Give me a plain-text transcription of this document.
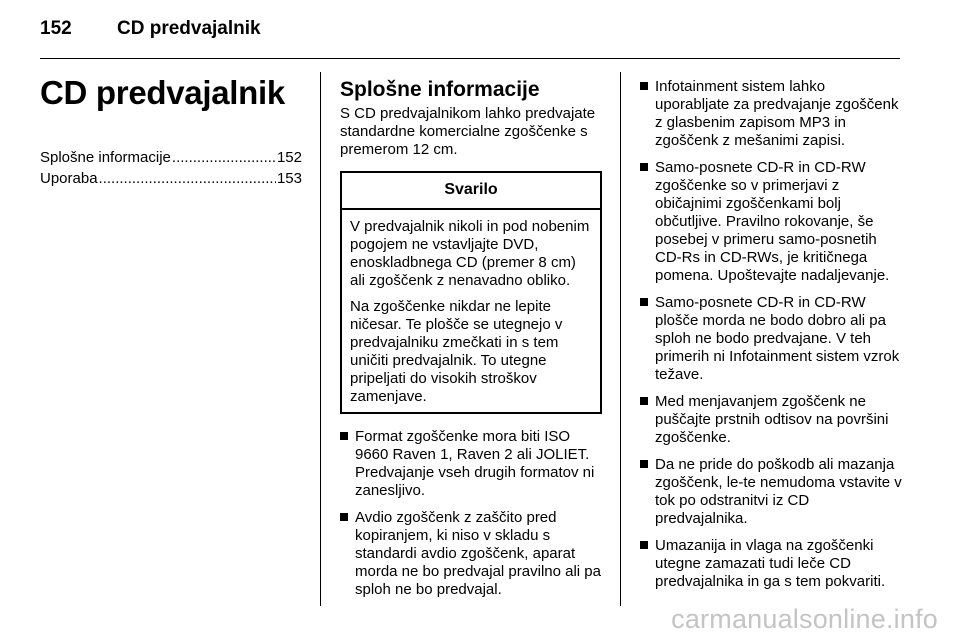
152 CD predvajalnik
CD predvajalnik
Splošne informacije .....	152
Uporaba .....	153
Splošne informacije

S CD predvajalnikom lahko predvajate standardne komercialne zgoščenke s premerom 12 cm.

Svarilo

V predvajalnik nikoli in pod nobenim pogojem ne vstavljajte DVD, enoskladbnega CD (premer 8 cm) ali zgoščenk z nenavadno obliko.

Na zgoščenke nikdar ne lepite ničesar. Te plošče se utegnejo v predvajalniku zmečkati in s tem uničiti predvajalnik. To utegne pripeljati do visokih stroškov zamenjave.

Format zgoščenke mora biti ISO 9660 Raven 1, Raven 2 ali JOLIET. Predvajanje vseh drugih formatov ni zanesljivo.
Avdio zgoščenk z zaščito pred kopiranjem, ki niso v skladu s standardi avdio zgoščenk, aparat morda ne bo predvajal pravilno ali pa sploh ne bo predvajal.
Infotainment sistem lahko uporabljate za predvajanje zgoščenk z glasbenim zapisom MP3 in zgoščenk z mešanimi zapisi.
Samo-posnete CD-R in CD-RW zgoščenke so v primerjavi z običajnimi zgoščenkami bolj občutljive. Pravilno rokovanje, še posebej v primeru samo-posnetih CD-Rs in CD-RWs, je kritičnega pomena. Upoštevajte nadaljevanje.
Samo-posnete CD-R in CD-RW plošče morda ne bodo dobro ali pa sploh ne bodo predvajane. V teh primerih ni Infotainment sistem vzrok težave.
Med menjavanjem zgoščenk ne puščajte prstnih odtisov na površini zgoščenke.
Da ne pride do poškodb ali mazanja zgoščenk, le-te nemudoma vstavite v tok po odstranitvi iz CD predvajalnika.
Umazanija in vlaga na zgoščenki utegne zamazati tudi leče CD predvajalnika in ga s tem pokvariti.
carmanualsonline.info
